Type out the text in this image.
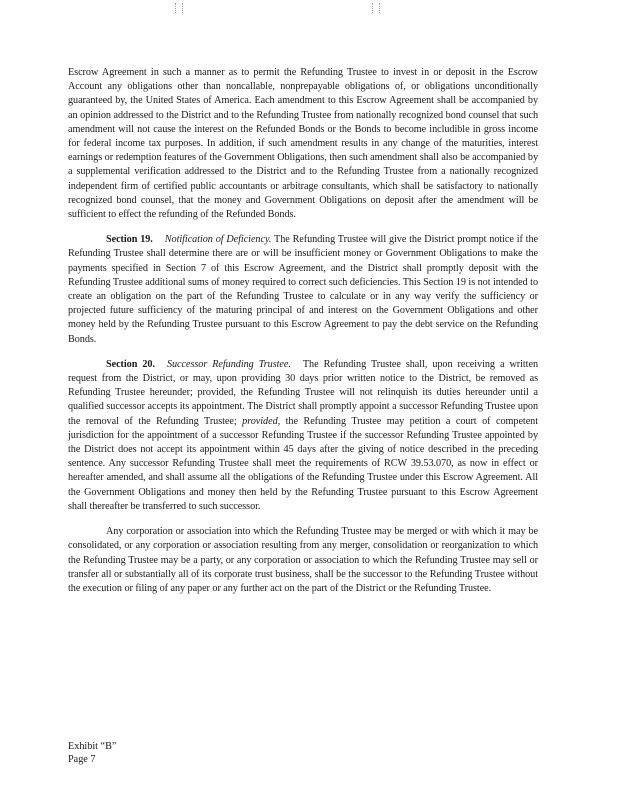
Escrow Agreement in such a manner as to permit the Refunding Trustee to invest in or deposit in the Escrow Account any obligations other than noncallable, nonprepayable obligations of, or obligations unconditionally guaranteed by, the United States of America. Each amendment to this Escrow Agreement shall be accompanied by an opinion addressed to the District and to the Refunding Trustee from nationally recognized bond counsel that such amendment will not cause the interest on the Refunded Bonds or the Bonds to become includible in gross income for federal income tax purposes. In addition, if such amendment results in any change of the maturities, interest earnings or redemption features of the Government Obligations, then such amendment shall also be accompanied by a supplemental verification addressed to the District and to the Refunding Trustee from a nationally recognized independent firm of certified public accountants or arbitrage consultants, which shall be satisfactory to nationally recognized bond counsel, that the money and Government Obligations on deposit after the amendment will be sufficient to effect the refunding of the Refunded Bonds.

Section 19. Notification of Deficiency. The Refunding Trustee will give the District prompt notice if the Refunding Trustee shall determine there are or will be insufficient money or Government Obligations to make the payments specified in Section 7 of this Escrow Agreement, and the District shall promptly deposit with the Refunding Trustee additional sums of money required to correct such deficiencies. This Section 19 is not intended to create an obligation on the part of the Refunding Trustee to calculate or in any way verify the sufficiency or projected future sufficiency of the maturing principal of and interest on the Government Obligations and other money held by the Refunding Trustee pursuant to this Escrow Agreement to pay the debt service on the Refunding Bonds.

Section 20. Successor Refunding Trustee. The Refunding Trustee shall, upon receiving a written request from the District, or may, upon providing 30 days prior written notice to the District, be removed as Refunding Trustee hereunder; provided, the Refunding Trustee will not relinquish its duties hereunder until a qualified successor accepts its appointment. The District shall promptly appoint a successor Refunding Trustee upon the removal of the Refunding Trustee; provided, the Refunding Trustee may petition a court of competent jurisdiction for the appointment of a successor Refunding Trustee if the successor Refunding Trustee appointed by the District does not accept its appointment within 45 days after the giving of notice described in the preceding sentence. Any successor Refunding Trustee shall meet the requirements of RCW 39.53.070, as now in effect or hereafter amended, and shall assume all the obligations of the Refunding Trustee under this Escrow Agreement. All the Government Obligations and money then held by the Refunding Trustee pursuant to this Escrow Agreement shall thereafter be transferred to such successor.

Any corporation or association into which the Refunding Trustee may be merged or with which it may be consolidated, or any corporation or association resulting from any merger, consolidation or reorganization to which the Refunding Trustee may be a party, or any corporation or association to which the Refunding Trustee may sell or transfer all or substantially all of its corporate trust business, shall be the successor to the Refunding Trustee without the execution or filing of any paper or any further act on the part of the District or the Refunding Trustee.

Exhibit “B”
Page 7
